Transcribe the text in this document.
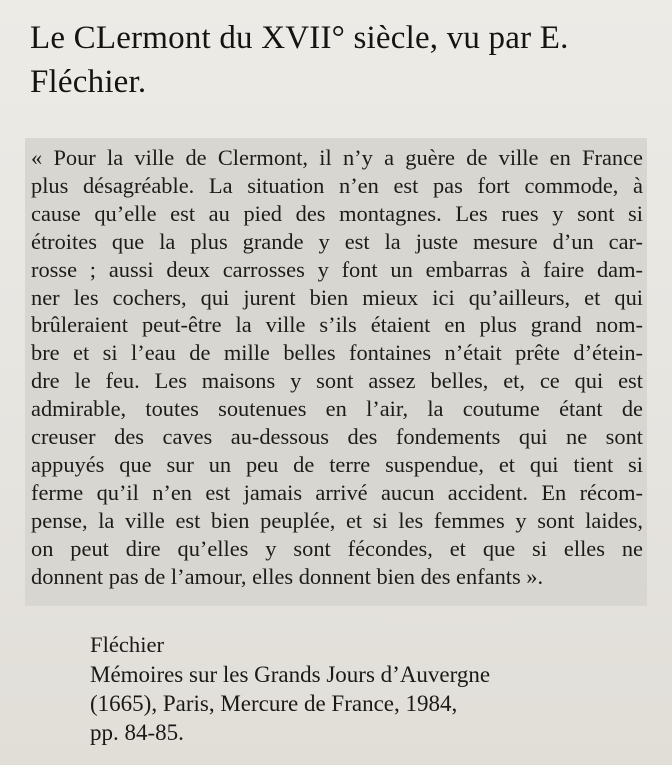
Le CLermont du XVII° siècle, vu par E. Fléchier.

« Pour la ville de Clermont, il n’y a guère de ville en France
plus désagréable. La situation n’en est pas fort commode, à
cause qu’elle est au pied des montagnes. Les rues y sont si
étroites que la plus grande y est la juste mesure d’un car-
rosse ; aussi deux carrosses y font un embarras à faire dam-
ner les cochers, qui jurent bien mieux ici qu’ailleurs, et qui
brûleraient peut-être la ville s’ils étaient en plus grand nom-
bre et si l’eau de mille belles fontaines n’était prête d’étein-
dre le feu. Les maisons y sont assez belles, et, ce qui est
admirable, toutes soutenues en l’air, la coutume étant de
creuser des caves au-dessous des fondements qui ne sont
appuyés que sur un peu de terre suspendue, et qui tient si
ferme qu’il n’en est jamais arrivé aucun accident. En récom-
pense, la ville est bien peuplée, et si les femmes y sont laides,
on peut dire qu’elles y sont fécondes, et que si elles ne
donnent pas de l’amour, elles donnent bien des enfants ».

Fléchier
Mémoires sur les Grands Jours d’Auvergne
(1665), Paris, Mercure de France, 1984,
pp. 84-85.
